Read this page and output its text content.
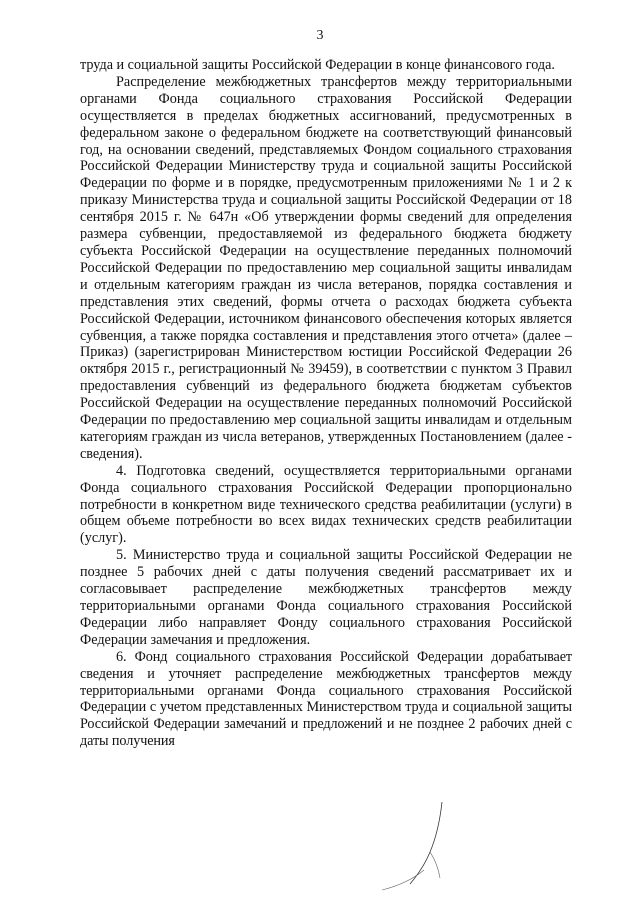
3

труда и социальной защиты Российской Федерации в конце финансового года.

Распределение межбюджетных трансфертов между территориальными органами Фонда социального страхования Российской Федерации осуществляется в пределах бюджетных ассигнований, предусмотренных в федеральном законе о федеральном бюджете на соответствующий финансовый год, на основании сведений, представляемых Фондом социального страхования Российской Федерации Министерству труда и социальной защиты Российской Федерации по форме и в порядке, предусмотренным приложениями № 1 и 2 к приказу Министерства труда и социальной защиты Российской Федерации от 18 сентября 2015 г. № 647н «Об утверждении формы сведений для определения размера субвенции, предоставляемой из федерального бюджета бюджету субъекта Российской Федерации на осуществление переданных полномочий Российской Федерации по предоставлению мер социальной защиты инвалидам и отдельным категориям граждан из числа ветеранов, порядка составления и представления этих сведений, формы отчета о расходах бюджета субъекта Российской Федерации, источником финансового обеспечения которых является субвенция, а также порядка составления и представления этого отчета» (далее – Приказ) (зарегистрирован Министерством юстиции Российской Федерации 26 октября 2015 г., регистрационный № 39459), в соответствии с пунктом 3 Правил предоставления субвенций из федерального бюджета бюджетам субъектов Российской Федерации на осуществление переданных полномочий Российской Федерации по предоставлению мер социальной защиты инвалидам и отдельным категориям граждан из числа ветеранов, утвержденных Постановлением (далее - сведения).

4. Подготовка сведений, осуществляется территориальными органами Фонда социального страхования Российской Федерации пропорционально потребности в конкретном виде технического средства реабилитации (услуги) в общем объеме потребности во всех видах технических средств реабилитации (услуг).

5. Министерство труда и социальной защиты Российской Федерации не позднее 5 рабочих дней с даты получения сведений рассматривает их и согласовывает распределение межбюджетных трансфертов между территориальными органами Фонда социального страхования Российской Федерации либо направляет Фонду социального страхования Российской Федерации замечания и предложения.

6. Фонд социального страхования Российской Федерации дорабатывает сведения и уточняет распределение межбюджетных трансфертов между территориальными органами Фонда социального страхования Российской Федерации с учетом представленных Министерством труда и социальной защиты Российской Федерации замечаний и предложений и не позднее 2 рабочих дней с даты получения
